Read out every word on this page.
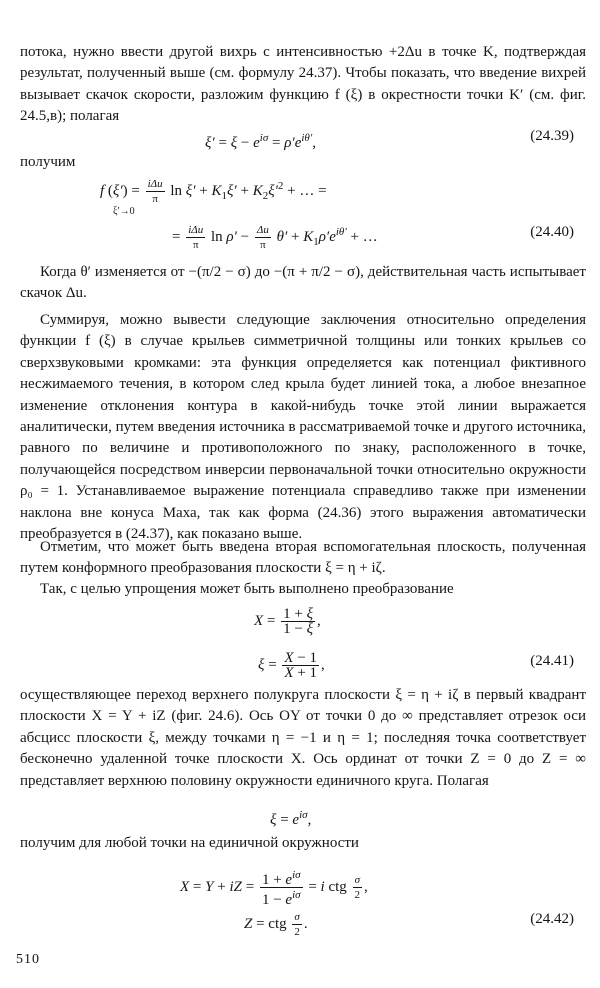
потока, нужно ввести другой вихрь с интенсивностью +2Δu в точке K, подтверждая результат, полученный выше (см. формулу 24.37). Чтобы показать, что введение вихрей вызывает скачок скорости, разложим функцию f (ξ) в окрестности точки K′ (см. фиг. 24.5,в); полагая

$\xi' = \xi - e^{i\sigma} = \rho'e^{i\theta'}$,	(24.39)

получим

f $(\xi') = \frac{\text{iΔu}}{\pi}$ $\ln \xi' + K_1\xi' + K_2\xi'^2$ + … =
ξ′→0
= $\frac{\text{iΔu}}{\pi}$ $\ln \rho' - \frac{\Delta u}{\pi} \theta' + K_1\rho'e^{i\theta'}$ + …	(24.40)

Когда θ′ изменяется от −(π/2 − σ) до −(π + π/2 − σ), действительная часть испытывает скачок Δu.

Суммируя, можно вывести следующие заключения относительно определения функции f (ξ) в случае крыльев симметричной толщины или тонких крыльев со сверхзвуковыми кромками: эта функция определяется как потенциал фиктивного несжимаемого течения, в котором след крыла будет линией тока, а любое внезапное изменение отклонения контура в какой-нибудь точке этой линии выражается аналитически, путем введения источника в рассматриваемой точке и другого источника, равного по величине и противоположного по знаку, расположенного в точке, получающейся посредством инверсии первоначальной точки относительно окружности ρ₀ = 1. Устанавливаемое выражение потенциала справедливо также при изменении наклона вне конуса Маха, так как форма (24.36) этого выражения автоматически преобразуется в (24.37), как показано выше.

Отметим, что может быть введена вторая вспомогательная плоскость, полученная путем конформного преобразования плоскости ξ = η + iζ.

Так, с целью упрощения может быть выполнено преобразование

$X = \frac{1 + \xi}{1 - \xi}$ ,
$\xi = \frac{X - 1}{X + 1}$ ,	(24.41)

осуществляющее переход верхнего полукруга плоскости ξ = η + iζ в первый квадрант плоскости X = Y + iZ (фиг. 24.6). Ось OY от точки 0 до ∞ представляет отрезок оси абсцисс плоскости ξ, между точками η = −1 и η = 1; последняя точка соответствует бесконечно удаленной точке плоскости X. Ось ординат от точки Z = 0 до Z = ∞ представляет верхнюю половину окружности единичного круга. Полагая

$\xi = e^{i\sigma}$,

получим для любой точки на единичной окружности

X = Y + iZ = $\frac{1 + e^{i\sigma}}{1 - e^{i\sigma}} = i$ ctg $\frac{\sigma}{2}$ ,
Z = ctg $\frac{\sigma}{2}$ .	(24.42)
510
